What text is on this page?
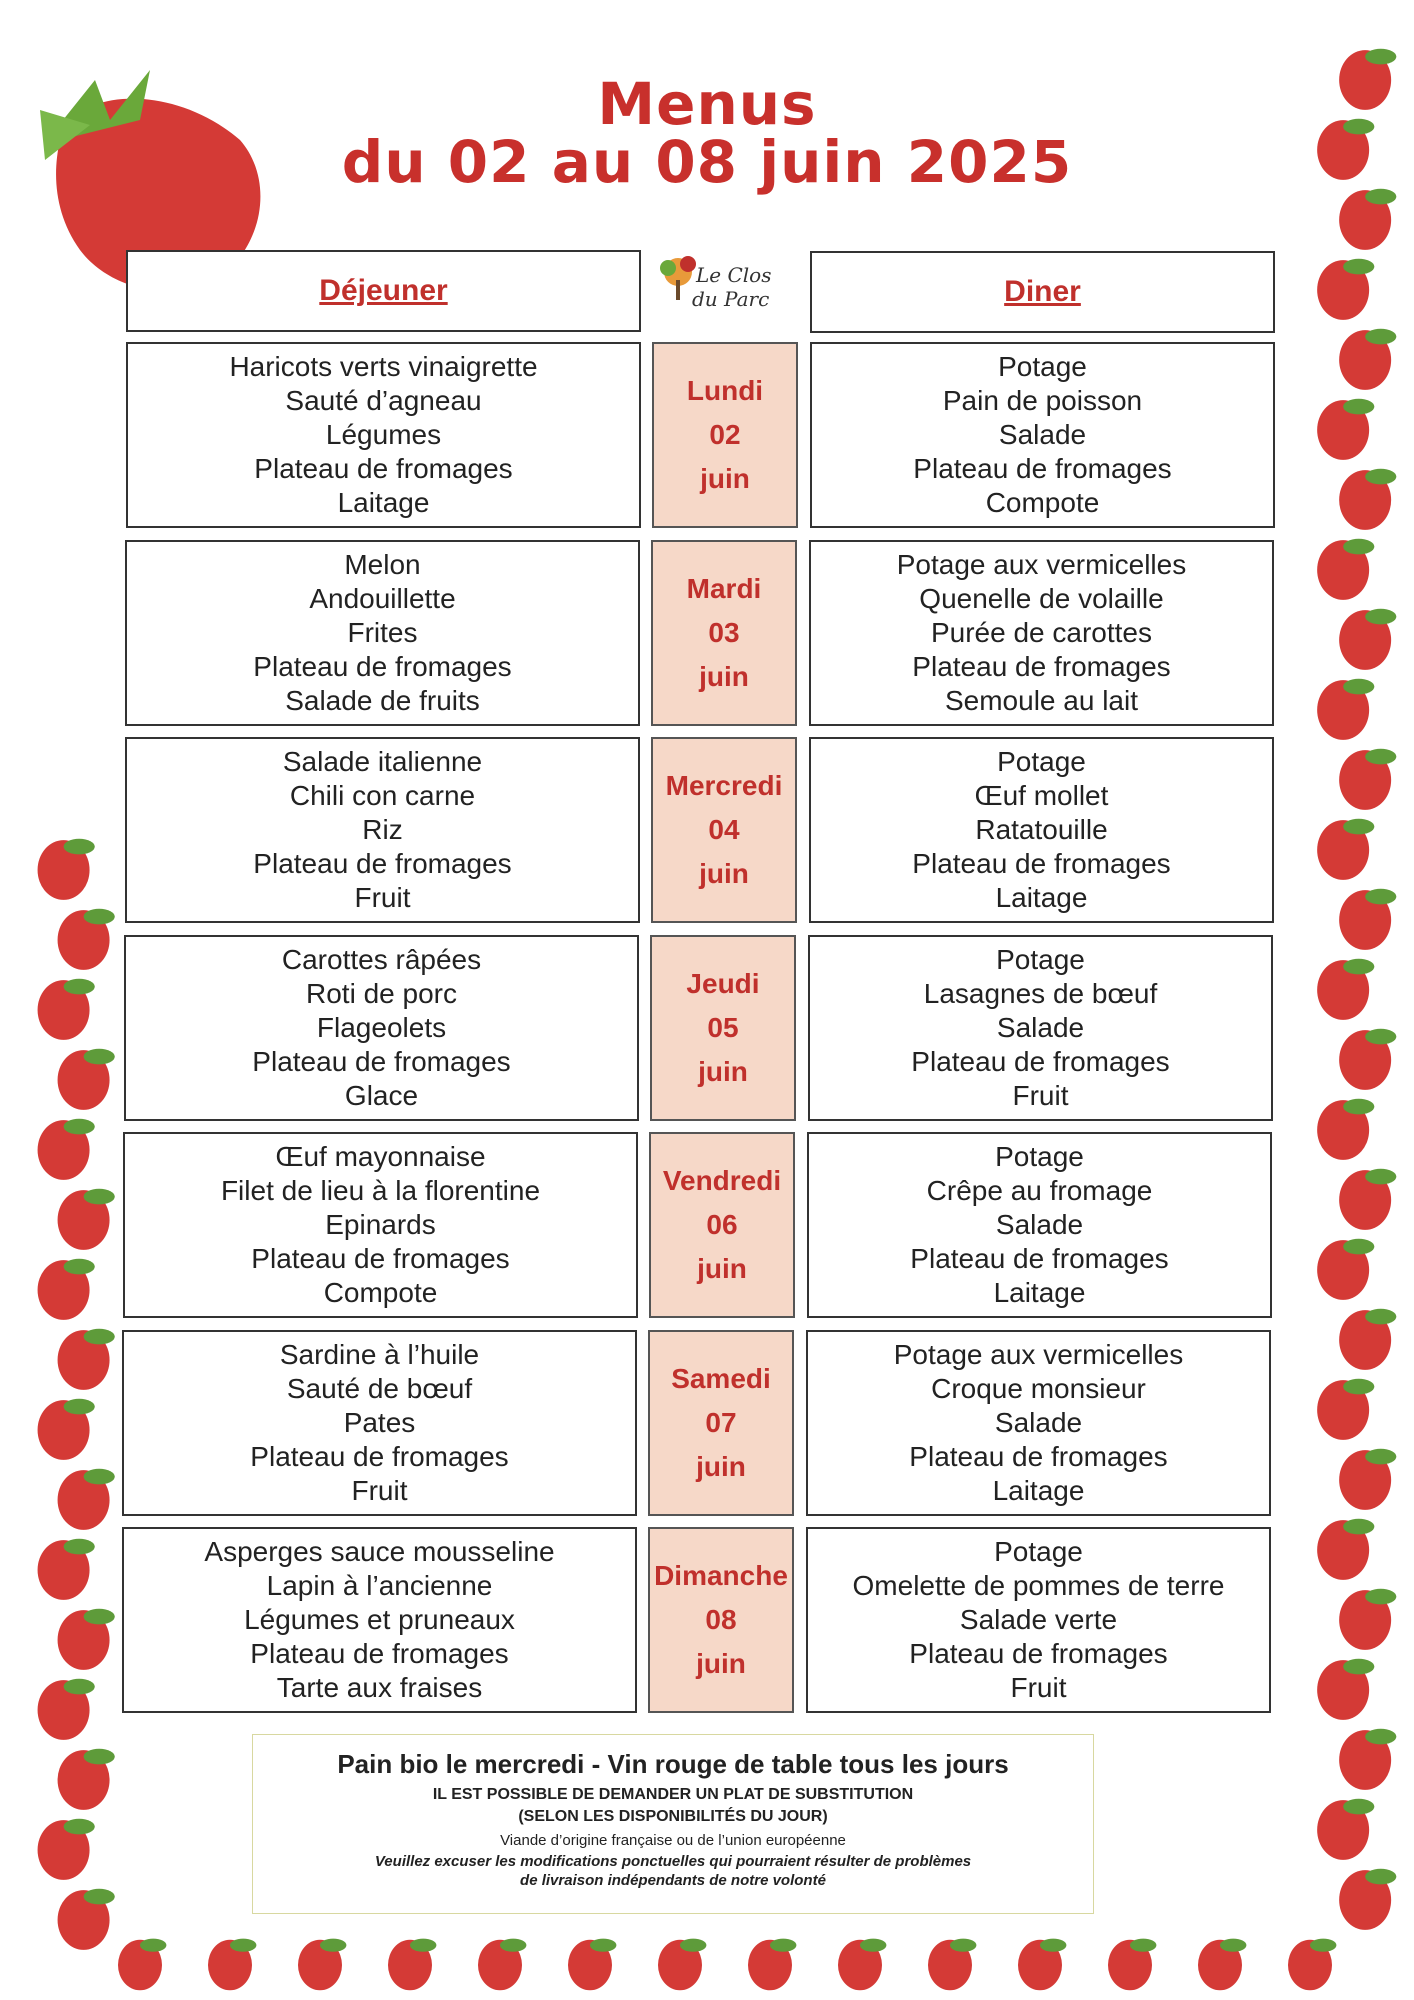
Menus
du 02 au 08 juin 2025
Déjeuner	Le Clos
du Parc	Diner
Haricots verts vinaigrette
Sauté d’agneau
Légumes
Plateau de fromages
Laitage
Lundi
02
juin
Potage
Pain de poisson
Salade
Plateau de fromages
Compote
Melon
Andouillette
Frites
Plateau de fromages
Salade de fruits
Mardi
03
juin
Potage aux vermicelles
Quenelle de volaille
Purée de carottes
Plateau de fromages
Semoule au lait
Salade italienne
Chili con carne
Riz
Plateau de fromages
Fruit
Mercredi
04
juin
Potage
Œuf mollet
Ratatouille
Plateau de fromages
Laitage
Carottes râpées
Roti de porc
Flageolets
Plateau de fromages
Glace
Jeudi
05
juin
Potage
Lasagnes de bœuf
Salade
Plateau de fromages
Fruit
Œuf mayonnaise
Filet de lieu à la florentine
Epinards
Plateau de fromages
Compote
Vendredi
06
juin
Potage
Crêpe au fromage
Salade
Plateau de fromages
Laitage
Sardine à l’huile
Sauté de bœuf
Pates
Plateau de fromages
Fruit
Samedi
07
juin
Potage aux vermicelles
Croque monsieur
Salade
Plateau de fromages
Laitage
Asperges sauce mousseline
Lapin à l’ancienne
Légumes et pruneaux
Plateau de fromages
Tarte aux fraises
Dimanche
08
juin
Potage
Omelette de pommes de terre
Salade verte
Plateau de fromages
Fruit
Pain bio le mercredi - Vin rouge de table tous les jours
IL EST POSSIBLE DE DEMANDER UN PLAT DE SUBSTITUTION
(SELON LES DISPONIBILITÉS DU JOUR)
Viande d’origine française ou de l’union européenne
Veuillez excuser les modifications ponctuelles qui pourraient résulter de problèmes
de livraison indépendants de notre volonté
